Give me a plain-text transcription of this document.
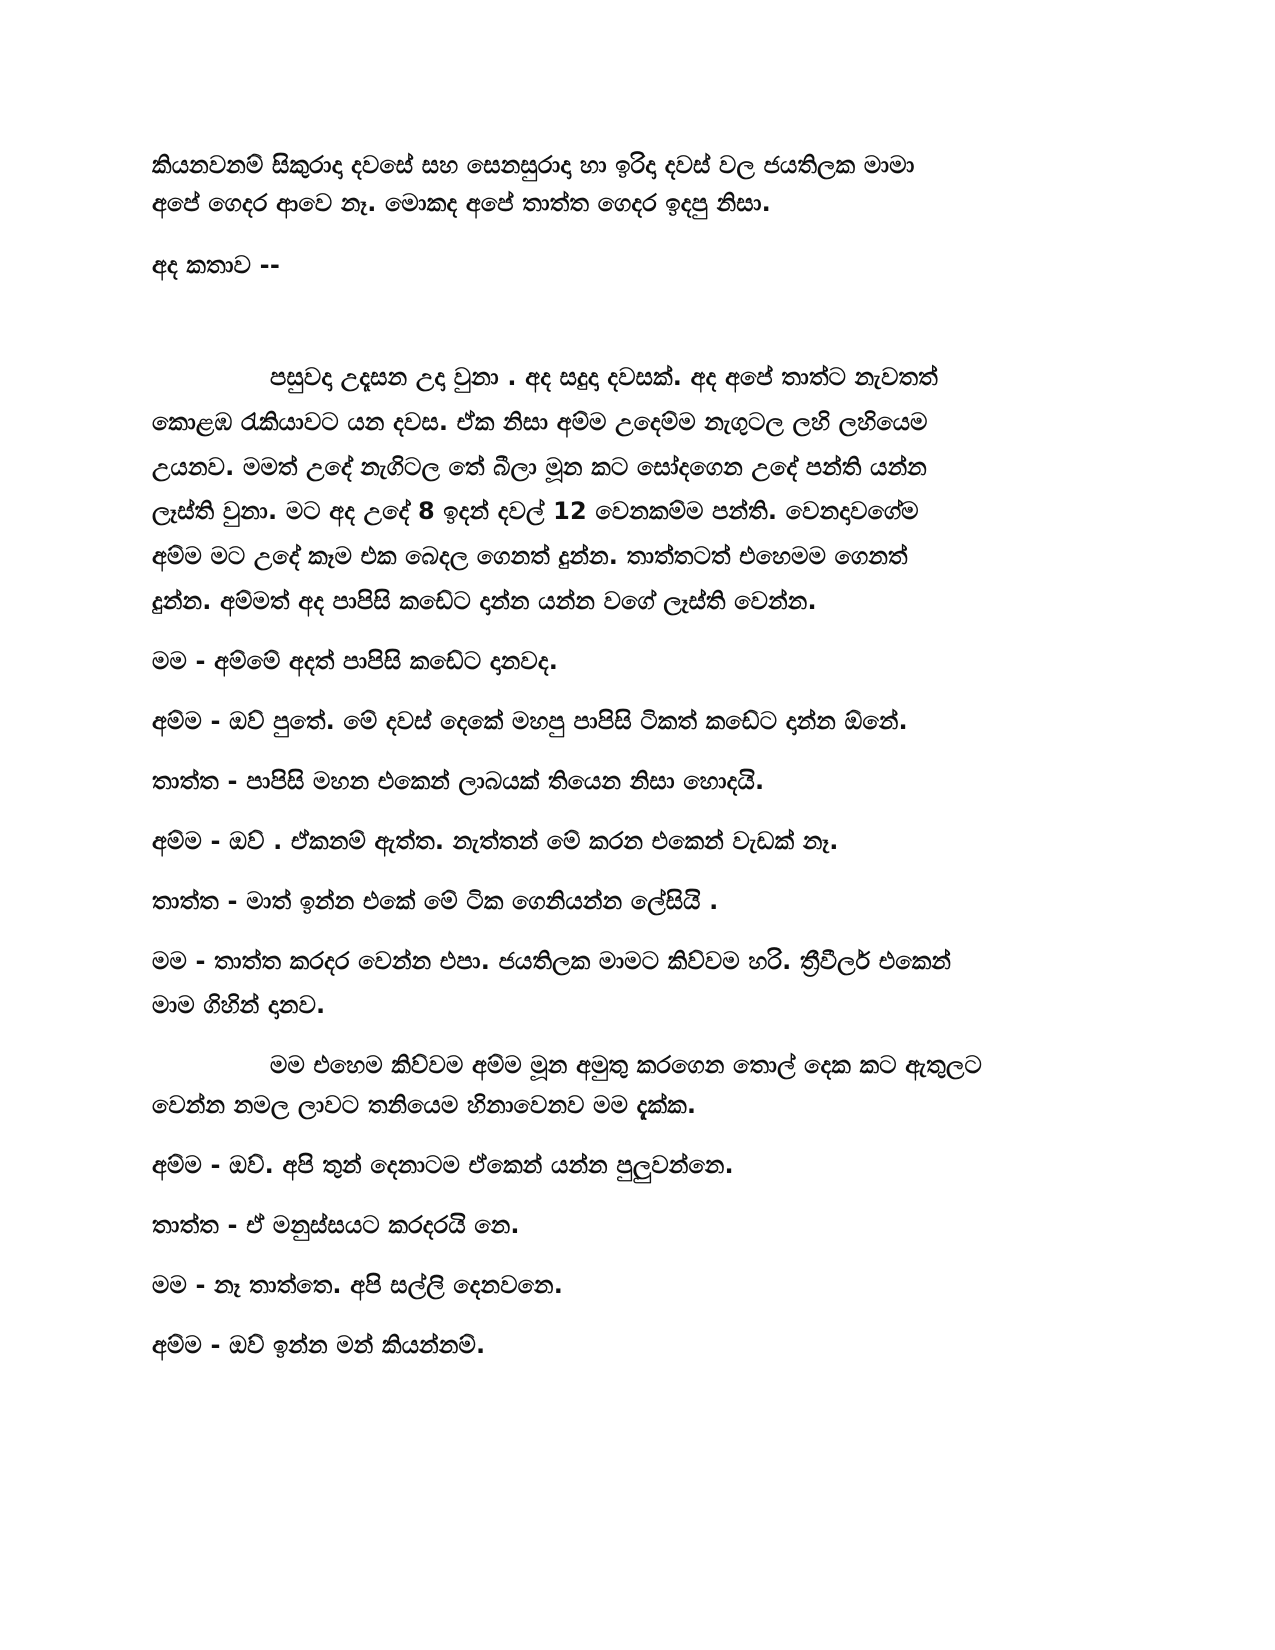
කියනවනම් සිකුරාදා දවසේ සහ සෙනසුරාදා හා ඉරිදා දවස් වල ජයතිලක මාමා

අපේ ගෙදර ආවෙ නෑ. මොකද අපේ තාත්ත ගෙදර ඉදපු නිසා.

අද කතාව --

පසුවදා උදෑසන උදා වුනා . අද සදුදා දවසක්. අද අපේ තාත්ට නැවතත්

කොළඹ රැකියාවට යන දවස. ඒක නිසා අම්ම උදෙම්ම නැගුටල ලහි ලහියෙම

උයනව. මමත් උදේ නැගිටල තේ බීලා මූන කට සෝදගෙන උදේ පන්ති යන්න

ලෑස්ති වුනා. මට අද උදේ 8 ඉදන් දවල් 12 වෙනකම්ම පන්ති. වෙනදාවගේම

අම්ම මට උදේ කෑම එක බෙදල ගෙනත් දුන්න. තාත්තටත් එහෙමම ගෙනත්

දුන්න. අම්මත් අද පාපිසි කඩේට දාන්න යන්න වගේ ලෑස්ති වෙන්න.

මම - අම්මේ අදත් පාපිසි කඩේට දානවද.

අම්ම - ඔව් පුතේ. මේ දවස් දෙකේ මහපු පාපිසි ටිකත් කඩේට දාන්න ඕනේ.

තාත්ත - පාපිසි මහන එකෙන් ලාබයක් තියෙන නිසා හොදයි.

අම්ම - ඔව් . ඒකනම් ඇත්ත. නැත්තන් මේ කරන එකෙන් වැඩක් නෑ.

තාත්ත - මාත් ඉන්න එකේ මේ ටික ගෙනියන්න ලේසියි .

මම - තාත්ත කරදර වෙන්න එපා. ජයතිලක මාමට කිව්වම හරි. ත්‍රීවීලර් එකෙන්

මාම ගිහින් දානව.

මම එහෙම කිව්වම අම්ම මූන අමුතු කරගෙන තොල් දෙක කට ඇතුලට

වෙන්න නමල ලාවට තනියෙම හිනාවෙනව මම දැක්ක.

අම්ම - ඔව්. අපි තුන් දෙනාටම ඒකෙන් යන්න පුලුවන්නෙ.

තාත්ත - ඒ මනුස්සයට කරදරයි නෙ.

මම - නෑ තාත්තෙ. අපි සල්ලි දෙනවනෙ.

අම්ම - ඔව් ඉන්න මන් කියන්නම්.
